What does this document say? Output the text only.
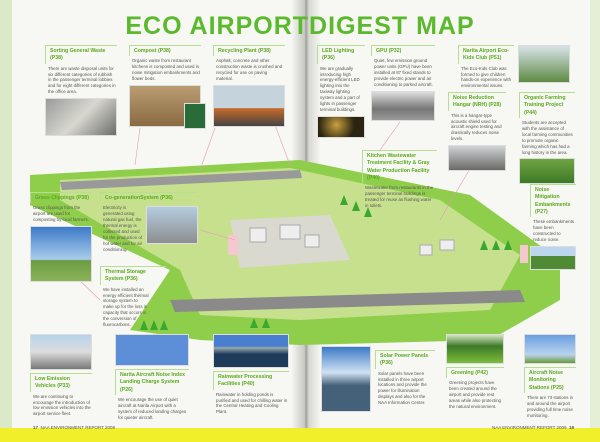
ECO AIRPORTDIGEST MAP
Sorting General Waste (P38)

There are waste disposal units for six different categories of rubbish in the passenger terminal lobbies and for eight different categories in the office area.

Compost (P38)

Organic waste from restaurant kitchens is composted and used in noise mitigation embankments and flower beds.

Recycling Plant (P38)

Asphalt, concrete and other construction waste is crushed and recycled for use on paving material.

LED Lighting (P36)

We are gradually introducing high energy-efficient LED lighting into the taxiway lighting system and a part of lights in passenger terminal buildings.

GPU (P32)

Quiet, few emission ground power units (GPU) have been installed at 87 fixed stands to provide electric power and air conditioning to parked aircraft.

Narita Airport Eco-Kids Club (P51)

The Eco-Kids Club was formed to give children hands-on experience with environmental issues.

Noise Reduction Hangar (NRH) (P28)

This is a hangar-type acoustic shield used for aircraft engine testing and drastically reduces noise levels.

Organic Farming Training Project (P44)

Students are accepted with the assistance of local farming communities to promote organic farming which has had a long history in the area.

Kitchen Wastewater Treatment Facility & Gray Water Production Facility (P40)

Wastewater from restaurants in the passenger terminal buildings is treated for reuse as flushing water in toilets.

Noise Mitigation Embankments (P27)

These embankments have been constructed to reduce noise.

Grass Clippings (P38)

Grass clippings from the airport are used for composting by local farmers.

Co-generationSystem (P36)

Electricity is generated using natural gas fuel, the thermal energy is collected and used for the production of hot water and for air conditioning.

Thermal Storage System (P36)

We have installed an energy efficient thermal storage system to make up for the loss in capacity that occurs in the conversion of fluorocarbons.

Low Emission Vehicles (P33)

We are continuing to encourage the introduction of low emission vehicles into the airport service fleet.

Narita Aircraft Noise Index Landing Charge System (P26)

We encourage the use of quiet aircraft at Narita Airport with a system of reduced landing charges for quieter aircraft.

Rainwater Processing Facilities (P40)

Rainwater in holding ponds is purified and used for chilling water in the Central Heating and Cooling Plant.

Solar Power Panels (P36)

Solar panels have been installed in three airport locations and provide the power for illumination displays and also for the NAA Information Center.

Greening (P42)

Greening projects have been created around the airport and provide rest areas while also protecting the natural environment.

Aircraft Noise Monitoring Stations (P25)

There are 73 stations in and around the airport providing full time noise monitoring.

17 NAA ENVIRONMENT REPORT 2009	NAA ENVIRONMENT REPORT 2009 18
